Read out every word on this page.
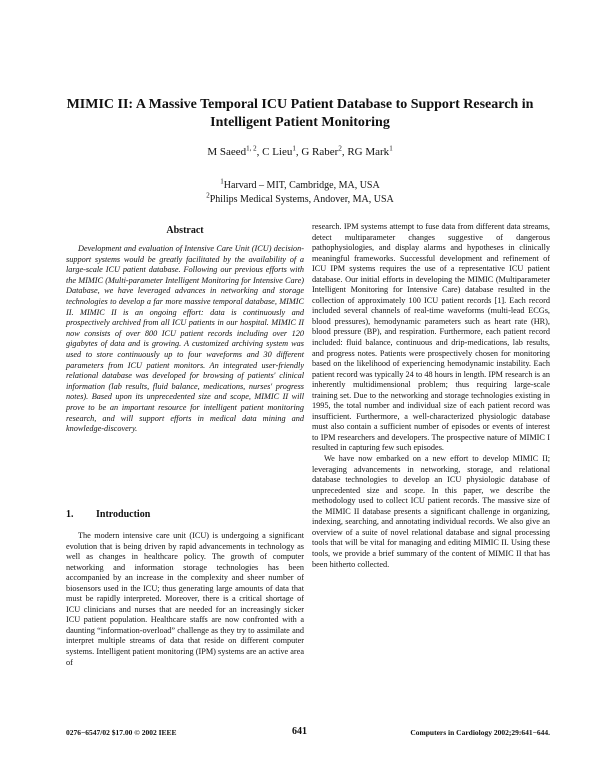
MIMIC II: A Massive Temporal ICU Patient Database to Support Research in Intelligent Patient Monitoring
M Saeed$^{1, 2}$, C Lieu$^1$, G Raber$^2$, RG Mark$^1$
$^1$Harvard – MIT, Cambridge, MA, USA
$^2$Philips Medical Systems, Andover, MA, USA
Abstract

Development and evaluation of Intensive Care Unit (ICU) decision-support systems would be greatly facilitated by the availability of a large-scale ICU patient database. Following our previous efforts with the MIMIC (Multi-parameter Intelligent Monitoring for Intensive Care) Database, we have leveraged advances in networking and storage technologies to develop a far more massive temporal database, MIMIC II. MIMIC II is an ongoing effort: data is continuously and prospectively archived from all ICU patients in our hospital. MIMIC II now consists of over 800 ICU patient records including over 120 gigabytes of data and is growing. A customized archiving system was used to store continuously up to four waveforms and 30 different parameters from ICU patient monitors. An integrated user-friendly relational database was developed for browsing of patients' clinical information (lab results, fluid balance, medications, nurses' progress notes). Based upon its unprecedented size and scope, MIMIC II will prove to be an important resource for intelligent patient monitoring research, and will support efforts in medical data mining and knowledge-discovery.

1. Introduction

The modern intensive care unit (ICU) is undergoing a significant evolution that is being driven by rapid advancements in technology as well as changes in healthcare policy. The growth of computer networking and information storage technologies has been accompanied by an increase in the complexity and sheer number of biosensors used in the ICU; thus generating large amounts of data that must be rapidly interpreted. Moreover, there is a critical shortage of ICU clinicians and nurses that are needed for an increasingly sicker ICU patient population. Healthcare staffs are now confronted with a daunting “information-overload” challenge as they try to assimilate and interpret multiple streams of data that reside on different computer systems. Intelligent patient monitoring (IPM) systems are an active area of

research. IPM systems attempt to fuse data from different data streams, detect multiparameter changes suggestive of dangerous pathophysiologies, and display alarms and hypotheses in clinically meaningful frameworks. Successful development and refinement of ICU IPM systems requires the use of a representative ICU patient database. Our initial efforts in developing the MIMIC (Multiparameter Intelligent Monitoring for Intensive Care) database resulted in the collection of approximately 100 ICU patient records [1]. Each record included several channels of real-time waveforms (multi-lead ECGs, blood pressures), hemodynamic parameters such as heart rate (HR), blood pressure (BP), and respiration. Furthermore, each patient record included: fluid balance, continuous and drip-medications, lab results, and progress notes. Patients were prospectively chosen for monitoring based on the likelihood of experiencing hemodynamic instability. Each patient record was typically 24 to 48 hours in length. IPM research is an inherently multidimensional problem; thus requiring large-scale training set. Due to the networking and storage technologies existing in 1995, the total number and individual size of each patient record was insufficient. Furthermore, a well-characterized physiologic database must also contain a sufficient number of episodes or events of interest to IPM researchers and developers. The prospective nature of MIMIC I resulted in capturing few such episodes.

We have now embarked on a new effort to develop MIMIC II; leveraging advancements in networking, storage, and relational database technologies to develop an ICU physiologic database of unprecedented size and scope. In this paper, we describe the methodology used to collect ICU patient records. The massive size of the MIMIC II database presents a significant challenge in organizing, indexing, searching, and annotating individual records. We also give an overview of a suite of novel relational database and signal processing tools that will be vital for managing and editing MIMIC II. Using these tools, we provide a brief summary of the content of MIMIC II that has been hitherto collected.

0276−6547/02 $17.00 © 2002 IEEE	641	Computers in Cardiology 2002;29:641−644.
